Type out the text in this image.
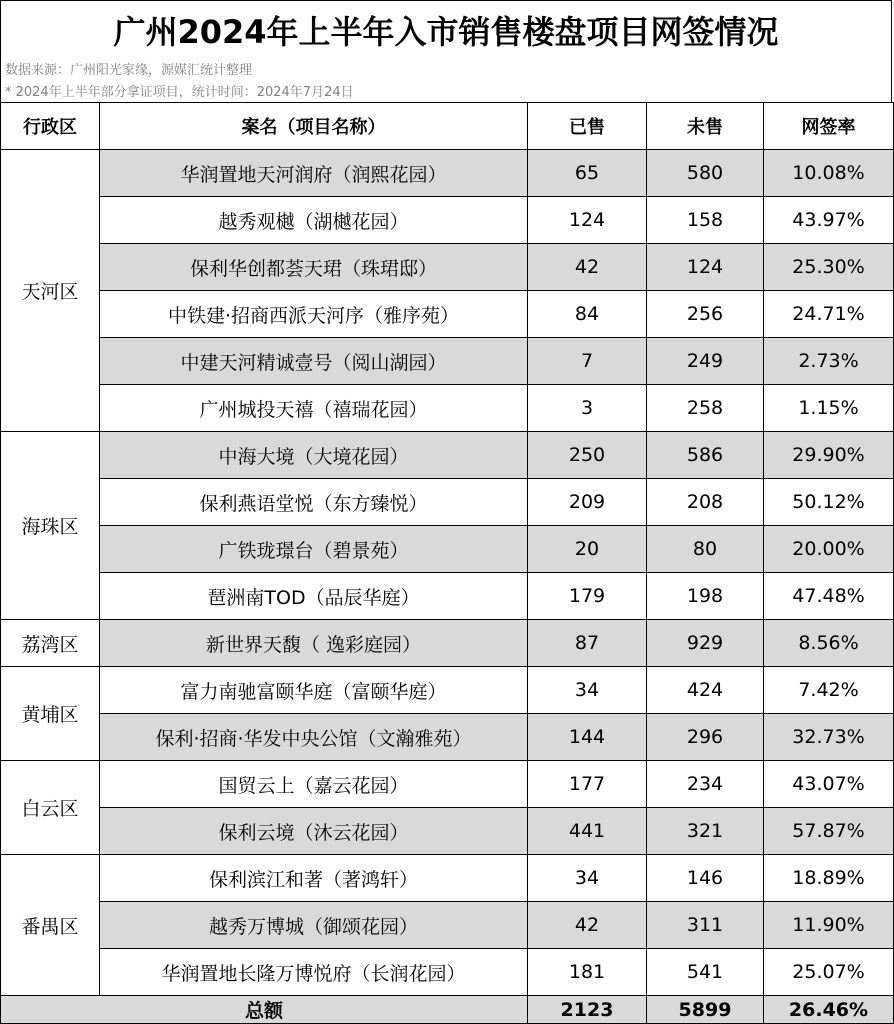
广州2024年上半年入市销售楼盘项目网签情况
数据来源：广州阳光家缘，源媒汇统计整理
* 2024年上半年部分拿证项目，统计时间：2024年7月24日
行政区	案名（项目名称）	已售	未售	网签率
天河区	华润置地天河润府（润熙花园）	65	580	10.08%
	越秀观樾（湖樾花园）	124	158	43.97%
	保利华创都荟天珺（珠珺邸）	42	124	25.30%
	中铁建·招商西派天河序（雅序苑）	84	256	24.71%
	中建天河精诚壹号（阅山湖园）	7	249	2.73%
	广州城投天禧（禧瑞花园）	3	258	1.15%
海珠区	中海大境（大境花园）	250	586	29.90%
	保利燕语堂悦（东方臻悦）	209	208	50.12%
	广铁珑璟台（碧景苑）	20	80	20.00%
	琶洲南TOD（品辰华庭）	179	198	47.48%
荔湾区	新世界天馥（ 逸彩庭园）	87	929	8.56%
黄埔区	富力南驰富颐华庭（富颐华庭）	34	424	7.42%
	保利·招商·华发中央公馆（文瀚雅苑）	144	296	32.73%
白云区	国贸云上（嘉云花园）	177	234	43.07%
	保利云境（沐云花园）	441	321	57.87%
番禺区	保利滨江和著（著鸿轩）	34	146	18.89%
	越秀万博城（御颂花园）	42	311	11.90%
	华润置地长隆万博悦府（长润花园）	181	541	25.07%
总额		2123	5899	26.46%
